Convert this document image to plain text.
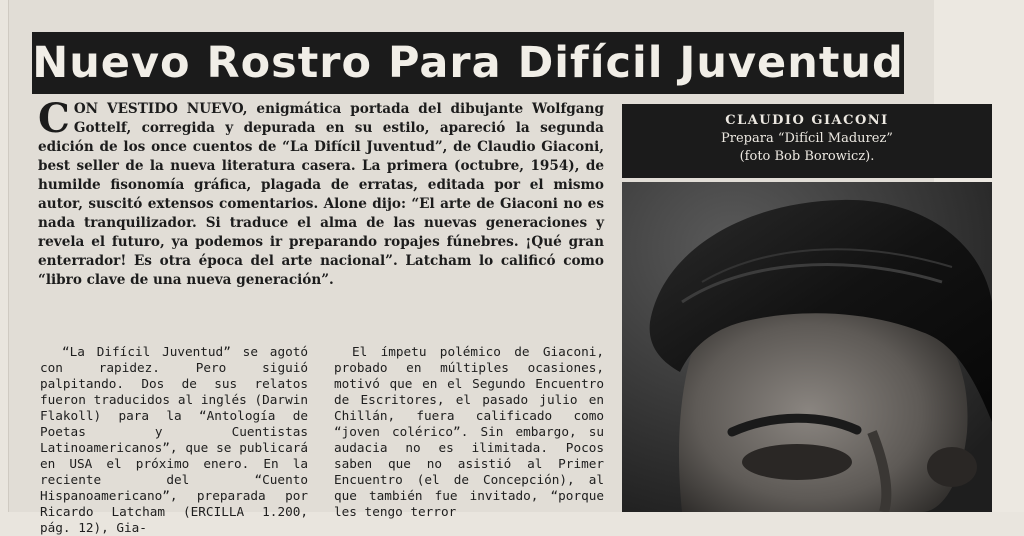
Nuevo Rostro Para Difícil Juventud
C ON VESTIDO NUEVO, enigmática portada del dibujante Wolfgang Gottelf, corregida y depurada en su estilo, apareció la segunda edición de los once cuentos de “La Difícil Juventud”, de Claudio Giaconi, best seller de la nueva literatura casera. La primera (octubre, 1954), de humilde fisonomía gráfica, plagada de erratas, editada por el mismo autor, suscitó extensos comentarios. Alone dijo: “El arte de Giaconi no es nada tranquilizador. Si traduce el alma de las nuevas generaciones y revela el futuro, ya podemos ir preparando ropajes fúnebres. ¡Qué gran enterrador! Es otra época del arte nacional”. Latcham lo calificó como “libro clave de una nueva generación”.
“La Difícil Juventud” se agotó con rapidez. Pero siguió palpitando. Dos de sus relatos fueron traducidos al inglés (Darwin Flakoll) para la “Antología de Poetas y Cuentistas Latinoamericanos”, que se publicará en USA el próximo enero. En la reciente del “Cuento Hispanoamericano”, preparada por Ricardo Latcham (ERCILLA 1.200, pág. 12), Gia-
El ímpetu polémico de Giaconi, probado en múltiples ocasiones, motivó que en el Segundo Encuentro de Escritores, el pasado julio en Chillán, fuera calificado como “joven colérico”. Sin embargo, su audacia no es ilimitada. Pocos saben que no asistió al Primer Encuentro (el de Concepción), al que también fue invitado, “porque les tengo terror
CLAUDIO GIACONI
Prepara “Difícil Madurez”
(foto Bob Borowicz).
